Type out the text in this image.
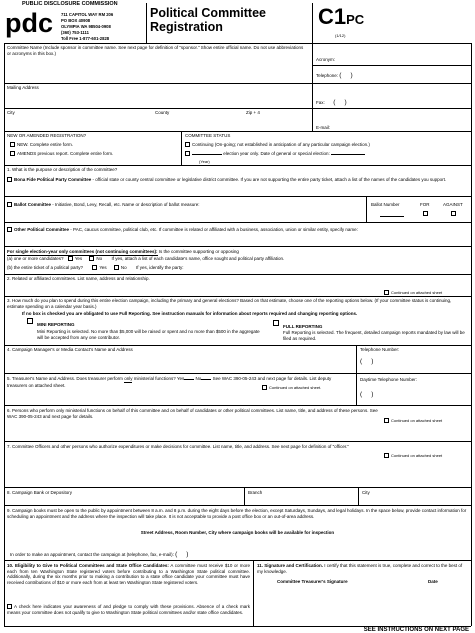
pdc
PUBLIC DISCLOSURE COMMISSION
711 CAPITOL WAY RM 206
PO BOX 40908
OLYMPIA WA 98504-0908
(360) 753-1111
Toll Free 1-877-601-2828
Political Committee
Registration	C1PC
(1/12)
Committee Name (Include sponsor in committee name. See next page for definition of "sponsor." Show entire official name. Do not use abbreviations or acronyms in this box.)
Acronym:
Telephone: (     )
Mailing Address
Fax:     (     )
City	County	Zip + 4
E-mail:
NEW OR AMENDED REGISTRATION?
NEW. Complete entire form.
AMENDS previous report. Complete entire form.
COMMITTEE STATUS
Continuing (On-going; not established in anticipation of any particular campaign election.)
election year only. Date of general or special election:
(Year)
1. What is the purpose or description of the committee?
Bona Fide Political Party Committee - official state or county central committee or legislative district committee. If you are not supporting the entire party ticket, attach a list of the names of the candidates you support.
Ballot Committee - Initiative, Bond, Levy, Recall, etc. Name or description of ballot measure:	Ballot Number	FOR	AGAINST
Other Political Committee - PAC, caucus committee, political club, etc. If committee is related or affiliated with a business, association, union or similar entity, specify name:
For single election-year only committees (not continuing committees): Is the committee supporting or opposing
(a) one or more candidates?	Yes	No If yes, attach a list of each candidate's name, office sought and political party affiliation.
(b) the entire ticket of a political party?	Yes	No If yes, identify the party:
2. Related or affiliated committees. List name, address and relationship.
Continued on attached sheet
3. How much do you plan to spend during this entire election campaign, including the primary and general elections? Based on that estimate, choose one of the reporting options below. (If your committee status is continuing, estimate spending on a calendar year basis.)
If no box is checked you are obligated to use Full Reporting. See instruction manuals for information about reports required and changing reporting options.
MINI REPORTING
Mini Reporting is selected. No more than $5,000 will be raised or spent and no more than $500 in the aggregate will be accepted from any one contributor.
FULL REPORTING
Full Reporting is selected. The frequent, detailed campaign reports mandated by law will be filed as required.
4. Campaign Manager's or Media Contact's Name and Address	Telephone Number:
(     )
5. Treasurer's Name and Address. Does treasurer perform only ministerial functions? Yes	No	See WAC 390-05-243 and next page for details. List deputy treasurers on attached sheet.	Continued on attached sheet.
Daytime Telephone Number:
(     )
6. Persons who perform only ministerial functions on behalf of this committee and on behalf of candidates or other political committees. List name, title, and address of these persons. See WAC 390-05-243 and next page for details.
Continued on attached sheet
7. Committee Officers and other persons who authorize expenditures or make decisions for committee. List name, title, and address. See next page for definition of "officer."
Continued on attached sheet
8. Campaign Bank or Depository	Branch	City
9. Campaign books must be open to the public by appointment between 8 a.m. and 8 p.m. during the eight days before the election, except Saturdays, Sundays, and legal holidays. In the space below, provide contact information for scheduling an appointment and the address where the inspection will take place. It is not acceptable to provide a post office box or an out-of-area address.
Street Address, Room Number, City where campaign books will be available for inspection
In order to make an appointment, contact the campaign at (telephone, fax, e-mail): (     )
10. Eligibility to Give to Political Committees and State Office Candidates: A committee must receive $10 or more each from ten Washington State registered voters before contributing to a Washington State political committee. Additionally, during the six months prior to making a contribution to a state office candidate your committee must have received contributions of $10 or more each from at least ten Washington State registered voters.
A check here indicates your awareness of and pledge to comply with these provisions. Absence of a check mark means your committee does not qualify to give to Washington State political committees and/or state office candidates.
11. Signature and Certification. I certify that this statement is true, complete and correct to the best of my knowledge.
Committee Treasurer's Signature	Date
SEE INSTRUCTIONS ON NEXT PAGE
